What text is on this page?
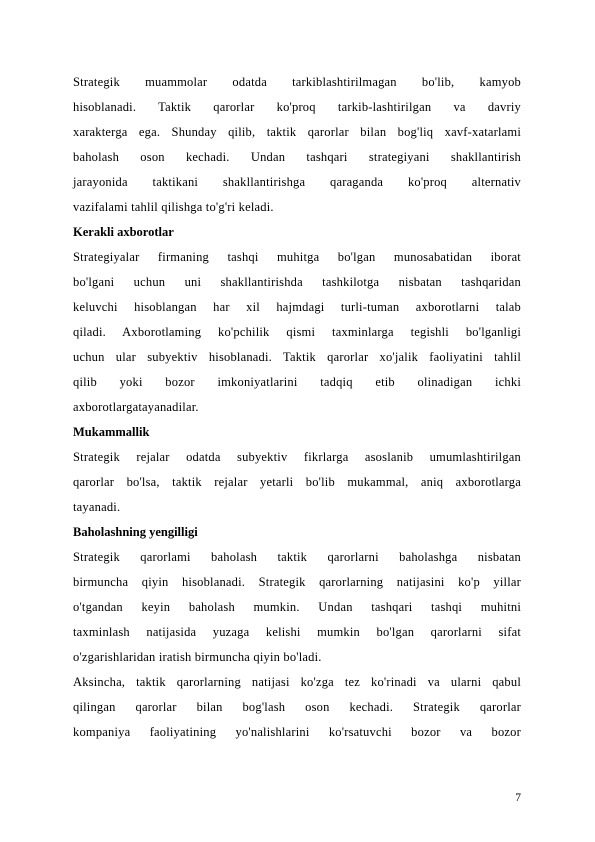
Strategik muammolar odatda tarkiblashtirilmagan bo'lib, kamyob
hisoblanadi. Taktik qarorlar ko'proq tarkib-lashtirilgan va davriy
xarakterga ega. Shunday qilib, taktik qarorlar bilan bog'liq xavf-xatarlami
baholash oson kechadi. Undan tashqari strategiyani shakllantirish
jarayonida taktikani shakllantirishga qaraganda ko'proq alternativ
vazifalami tahlil qilishga to'g'ri keladi.
Kerakli axborotlar
Strategiyalar firmaning tashqi muhitga bo'lgan munosabatidan iborat
bo'lgani uchun uni shakllantirishda tashkilotga nisbatan tashqaridan
keluvchi hisoblangan har xil hajmdagi turli-tuman axborotlarni talab
qiladi. Axborotlaming ko'pchilik qismi taxminlarga tegishli bo'lganligi
uchun ular subyektiv hisoblanadi. Taktik qarorlar xo'jalik faoliyatini tahlil
qilib yoki bozor imkoniyatlarini tadqiq etib olinadigan ichki
axborotlargatayanadilar.
Mukammallik
Strategik rejalar odatda subyektiv fikrlarga asoslanib umumlashtirilgan
qarorlar bo'lsa, taktik rejalar yetarli bo'lib mukammal, aniq axborotlarga
tayanadi.
Baholashning yengilligi
Strategik qarorlami baholash taktik qarorlarni baholashga nisbatan
birmuncha qiyin hisoblanadi. Strategik qarorlarning natijasini ko'p yillar
o'tgandan keyin baholash mumkin. Undan tashqari tashqi muhitni
taxminlash natijasida yuzaga kelishi mumkin bo'lgan qarorlarni sifat
o'zgarishlaridan iratish birmuncha qiyin bo'ladi.
Aksincha, taktik qarorlarning natijasi ko'zga tez ko'rinadi va ularni qabul
qilingan qarorlar bilan bog'lash oson kechadi. Strategik qarorlar
kompaniya faoliyatining yo'nalishlarini ko'rsatuvchi bozor va bozor
7
